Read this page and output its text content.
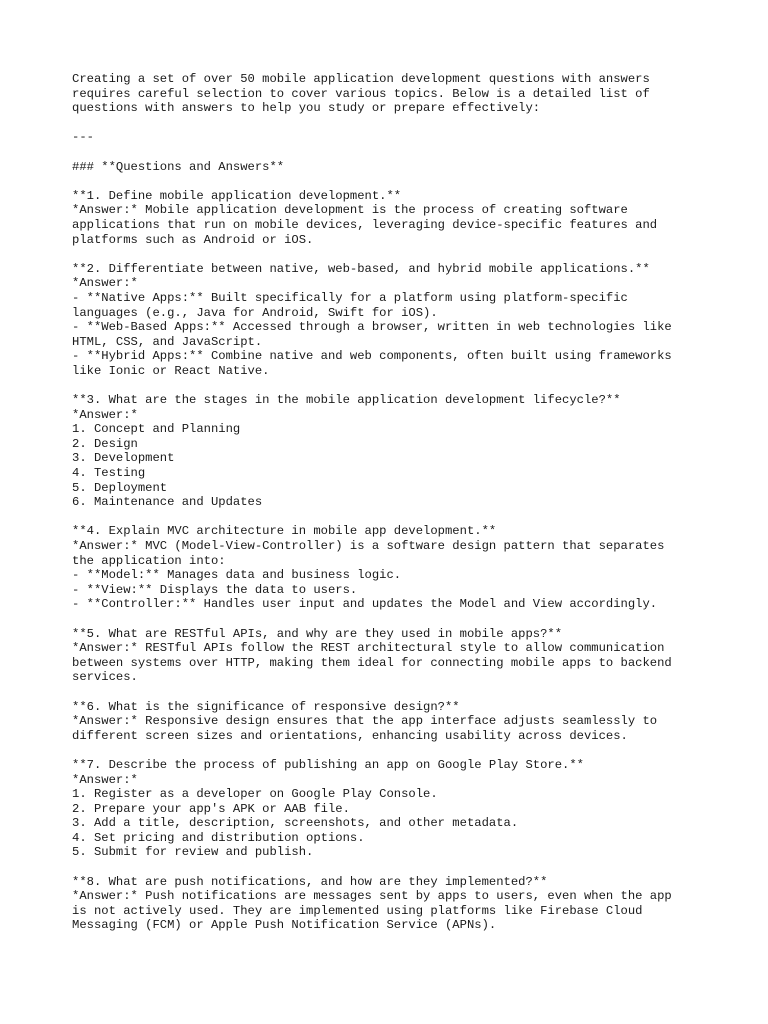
Creating a set of over 50 mobile application development questions with answers
requires careful selection to cover various topics. Below is a detailed list of
questions with answers to help you study or prepare effectively:
---
### **Questions and Answers**
**1. Define mobile application development.**
*Answer:* Mobile application development is the process of creating software
applications that run on mobile devices, leveraging device-specific features and
platforms such as Android or iOS.
**2. Differentiate between native, web-based, and hybrid mobile applications.**
*Answer:*
- **Native Apps:** Built specifically for a platform using platform-specific
languages (e.g., Java for Android, Swift for iOS).
- **Web-Based Apps:** Accessed through a browser, written in web technologies like
HTML, CSS, and JavaScript.
- **Hybrid Apps:** Combine native and web components, often built using frameworks
like Ionic or React Native.
**3. What are the stages in the mobile application development lifecycle?**
*Answer:*
1. Concept and Planning
2. Design
3. Development
4. Testing
5. Deployment
6. Maintenance and Updates
**4. Explain MVC architecture in mobile app development.**
*Answer:* MVC (Model-View-Controller) is a software design pattern that separates
the application into:
- **Model:** Manages data and business logic.
- **View:** Displays the data to users.
- **Controller:** Handles user input and updates the Model and View accordingly.
**5. What are RESTful APIs, and why are they used in mobile apps?**
*Answer:* RESTful APIs follow the REST architectural style to allow communication
between systems over HTTP, making them ideal for connecting mobile apps to backend
services.
**6. What is the significance of responsive design?**
*Answer:* Responsive design ensures that the app interface adjusts seamlessly to
different screen sizes and orientations, enhancing usability across devices.
**7. Describe the process of publishing an app on Google Play Store.**
*Answer:*
1. Register as a developer on Google Play Console.
2. Prepare your app's APK or AAB file.
3. Add a title, description, screenshots, and other metadata.
4. Set pricing and distribution options.
5. Submit for review and publish.
**8. What are push notifications, and how are they implemented?**
*Answer:* Push notifications are messages sent by apps to users, even when the app
is not actively used. They are implemented using platforms like Firebase Cloud
Messaging (FCM) or Apple Push Notification Service (APNs).
